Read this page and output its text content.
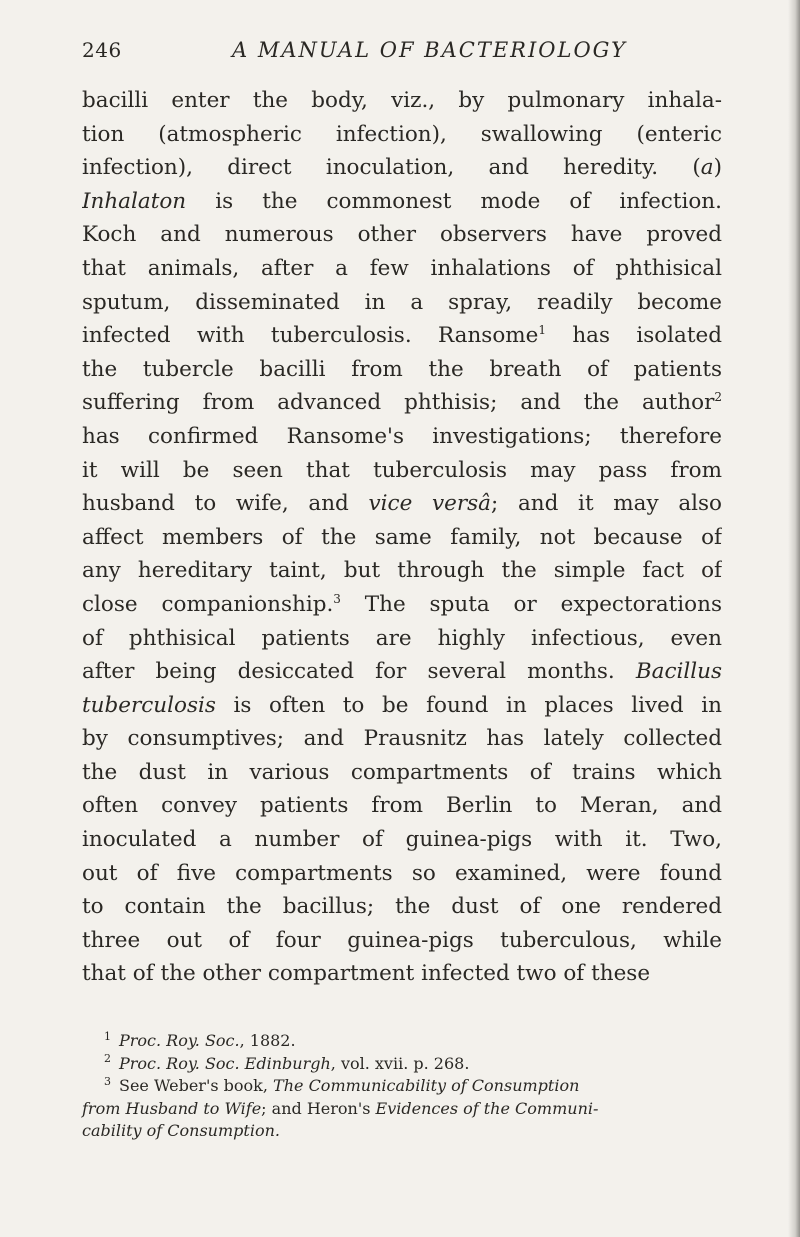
246	A MANUAL OF BACTERIOLOGY
bacilli enter the body, viz., by pulmonary inhala-
tion (atmospheric infection), swallowing (enteric
infection), direct inoculation, and heredity. (a)
Inhalaton is the commonest mode of infection.
Koch and numerous other observers have proved
that animals, after a few inhalations of phthisical
sputum, disseminated in a spray, readily become
infected with tuberculosis. Ransome$^1$ has isolated
the tubercle bacilli from the breath of patients
suffering from advanced phthisis; and the author$^2$
has confirmed Ransome's investigations; therefore
it will be seen that tuberculosis may pass from
husband to wife, and vice versâ; and it may also
affect members of the same family, not because of
any hereditary taint, but through the simple fact of
close companionship.$^3$ The sputa or expectorations
of phthisical patients are highly infectious, even
after being desiccated for several months. Bacillus
tuberculosis is often to be found in places lived in
by consumptives; and Prausnitz has lately collected
the dust in various compartments of trains which
often convey patients from Berlin to Meran, and
inoculated a number of guinea-pigs with it. Two,
out of five compartments so examined, were found
to contain the bacillus; the dust of one rendered
three out of four guinea-pigs tuberculous, while
that of the other compartment infected two of these
$^1$ Proc. Roy. Soc., 1882.
$^2$ Proc. Roy. Soc. Edinburgh, vol. xvii. p. 268.
$^3$ See Weber's book, The Communicability of Consumption
from Husband to Wife; and Heron's Evidences of the Communi-
cability of Consumption.
